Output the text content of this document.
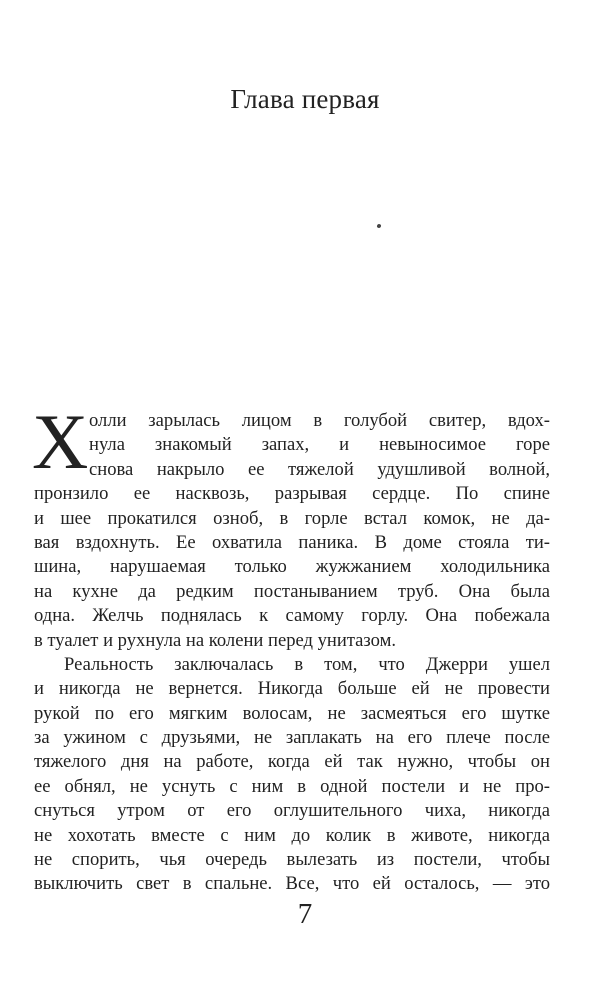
Глава первая
Х олли зарылась лицом в голубой свитер, вдох-
нула знакомый запах, и невыносимое горе
снова накрыло ее тяжелой удушливой волной,
пронзило ее насквозь, разрывая сердце. По спине
и шее прокатился озноб, в горле встал комок, не да-
вая вздохнуть. Ее охватила паника. В доме стояла ти-
шина, нарушаемая только жужжанием холодильника
на кухне да редким постаныванием труб. Она была
одна. Желчь поднялась к самому горлу. Она побежала
в туалет и рухнула на колени перед унитазом.
Реальность заключалась в том, что Джерри ушел
и никогда не вернется. Никогда больше ей не провести
рукой по его мягким волосам, не засмеяться его шутке
за ужином с друзьями, не заплакать на его плече после
тяжелого дня на работе, когда ей так нужно, чтобы он
ее обнял, не уснуть с ним в одной постели и не про-
снуться утром от его оглушительного чиха, никогда
не хохотать вместе с ним до колик в животе, никогда
не спорить, чья очередь вылезать из постели, чтобы
выключить свет в спальне. Все, что ей осталось, — это
7
